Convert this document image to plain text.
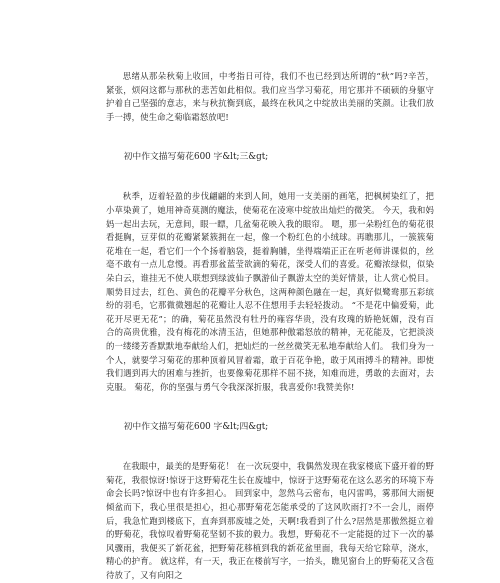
思绪从那朵秋菊上收回，中考指日可待，我们不也已经到达所谓的“秋”吗?辛苦，紧张，烦闷这都与那秋的悲苦如此相似。我们应当学习菊花，用它那并不硕硕的身躯守护着自己坚强的意志，来与秋抗衡到底，最终在秋风之中绽放出美丽的笑颜。让我们放手一搏，使生命之菊临霜怒放吧!

初中作文描写菊花600 字&lt;三&gt;

秋季，迈着轻盈的步伐翩翩的来到人间，她用一支美丽的画笔，把枫树染红了，把小草染黄了，她用神奇莫测的魔法，使菊花在凌寒中绽放出灿烂的微笑。 今天，我和妈妈一起出去玩，无意间，眼一瞟，几盆菊花映入我的眼帘。 嗯，那一朵粉红色的菊花很看挺胸，豆芽似的花瓣紧紧簇拥在一起，像一个粉红色的小绒球。再瞧那儿，一簇簇菊花堆在一起，看它们一个个扬着脑袋，挺着胸脯，坐得端端正正在听老师讲课似的，丝毫不敢有一点儿怠慢。再看那盆蓝莹欲滴的菊花，深受人们的喜爱。花瓣浓绿似，似染朵白云，谁挂无不使人联想到绿波仙子飘游仙子飘游太空的美好情景，让人赏心悦目。顺势目过去，红色、黄色的花瓣平分秋色，这两种颜色融在一起，真好似鹭鸯那五彩缤纷的羽毛，它那微微翘起的花瓣让人忍不住想用手去轻轻拨动。 “不是花中偏爱菊，此花开尽更无花”；的确，菊花虽然没有牡丹的雍容华贵，没有玫瑰的娇艳妩媚，没有百合的高贵优雅，没有梅花的冰清玉洁，但她那种傲霜怒放的精神，无花能及，它把淡淡的一缕缕芳香默默地奉献给人们，把灿烂的一丝丝微笑无私地奉献给人们。 我们身为一个人，就要学习菊花的那种顶着风冒着霜，敢于百花争艳，敢于风雨搏斗的精神。即使我们遇到再大的困难与挫折，也要像菊花那样不屈不挠，知难而进，勇敢的去面对，去克服。 菊花，你的坚强与勇气令我深深折服，我喜爱你!我赞美你!

初中作文描写菊花600 字&lt;四&gt;

在我眼中，最美的是野菊花！ 在一次玩耍中，我偶然发现在我家楼底下盛开着的野菊花，我很惊讶!惊讶于这野菊花生长在废墟中，惊讶于这野菊花在这么恶劣的环境下寿命会长吗?惊讶中也有许多担心。 回到家中，忽然乌云密布，电闪雷鸣，雾那间大雨便倾盆而下，我心里很是担心，担心那野菊花怎能承受的了这风吹雨打?不一会儿，雨停后，我急忙跑到楼底下，直奔到那废墟之处，天啊!我看到了什么?居然是那傲然挺立着的野菊花，我惊叹着野菊花坚韧不拔的毅力。我想，野菊花不一定能挺的过下一次的暴风骤雨，我便买了新花盆，把野菊花移植到我的新花盆里面，我每天给它除草，浇水，精心的护育。 就这样，有一天，我正在楼前写字，一抬头，瞧见窗台上的野菊花又含苞待放了，又有向阳之
